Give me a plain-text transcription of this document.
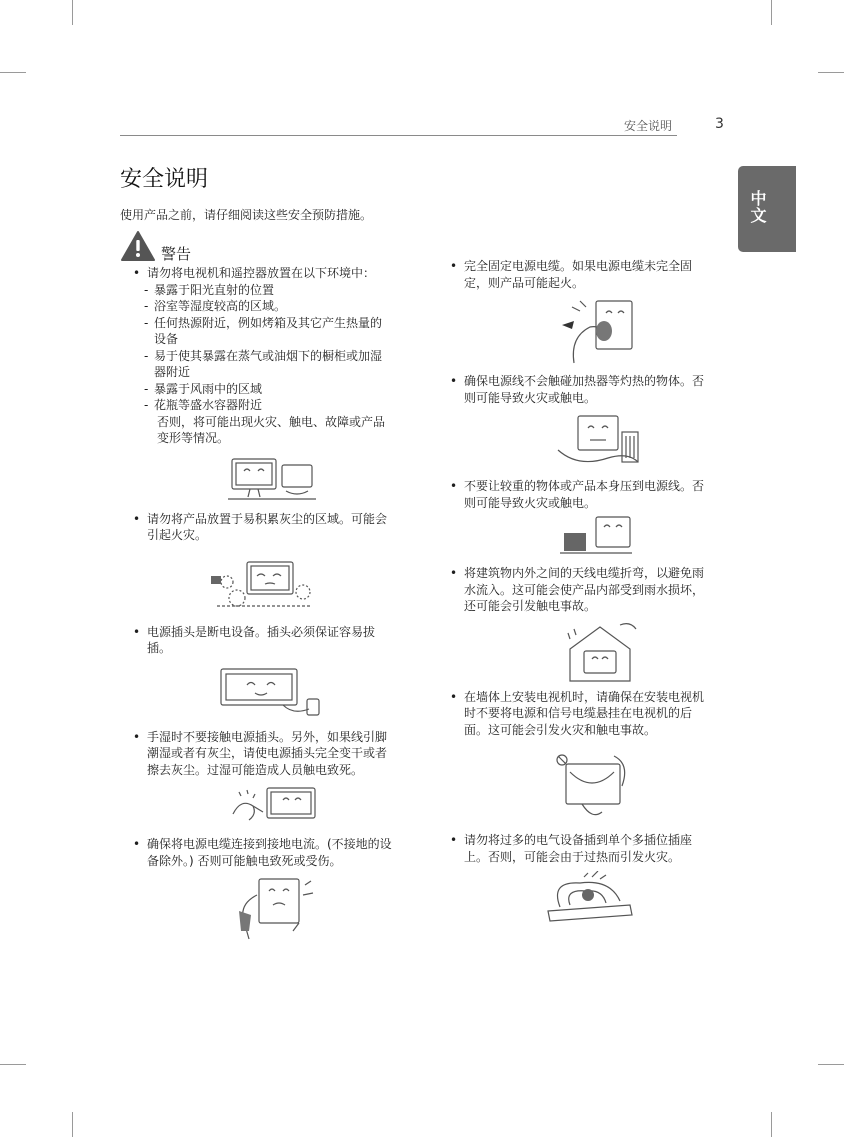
安全说明	3
中文
安全说明
使用产品之前，请仔细阅读这些安全预防措施。
警告
• 请勿将电视机和遥控器放置在以下环境中：

- 暴露于阳光直射的位置
- 浴室等湿度较高的区域。
- 任何热源附近，例如烤箱及其它产生热量的设备
- 易于使其暴露在蒸气或油烟下的橱柜或加湿器附近
- 暴露于风雨中的区域
- 花瓶等盛水容器附近

否则，将可能出现火灾、触电、故障或产品变形等情况。

• 请勿将产品放置于易积累灰尘的区域。可能会引起火灾。

• 电源插头是断电设备。插头必须保证容易拔插。

• 手湿时不要接触电源插头。另外，如果线引脚潮湿或者有灰尘，请使电源插头完全变干或者擦去灰尘。过湿可能造成人员触电致死。

• 确保将电源电缆连接到接地电流。(不接地的设备除外。) 否则可能触电致死或受伤。

• 完全固定电源电缆。如果电源电缆未完全固定，则产品可能起火。

• 确保电源线不会触碰加热器等灼热的物体。否则可能导致火灾或触电。

• 不要让较重的物体或产品本身压到电源线。否则可能导致火灾或触电。

• 将建筑物内外之间的天线电缆折弯，以避免雨水流入。这可能会使产品内部受到雨水损坏，还可能会引发触电事故。

• 在墙体上安装电视机时，请确保在安装电视机时不要将电源和信号电缆悬挂在电视机的后面。这可能会引发火灾和触电事故。

• 请勿将过多的电气设备插到单个多插位插座上。否则，可能会由于过热而引发火灾。
